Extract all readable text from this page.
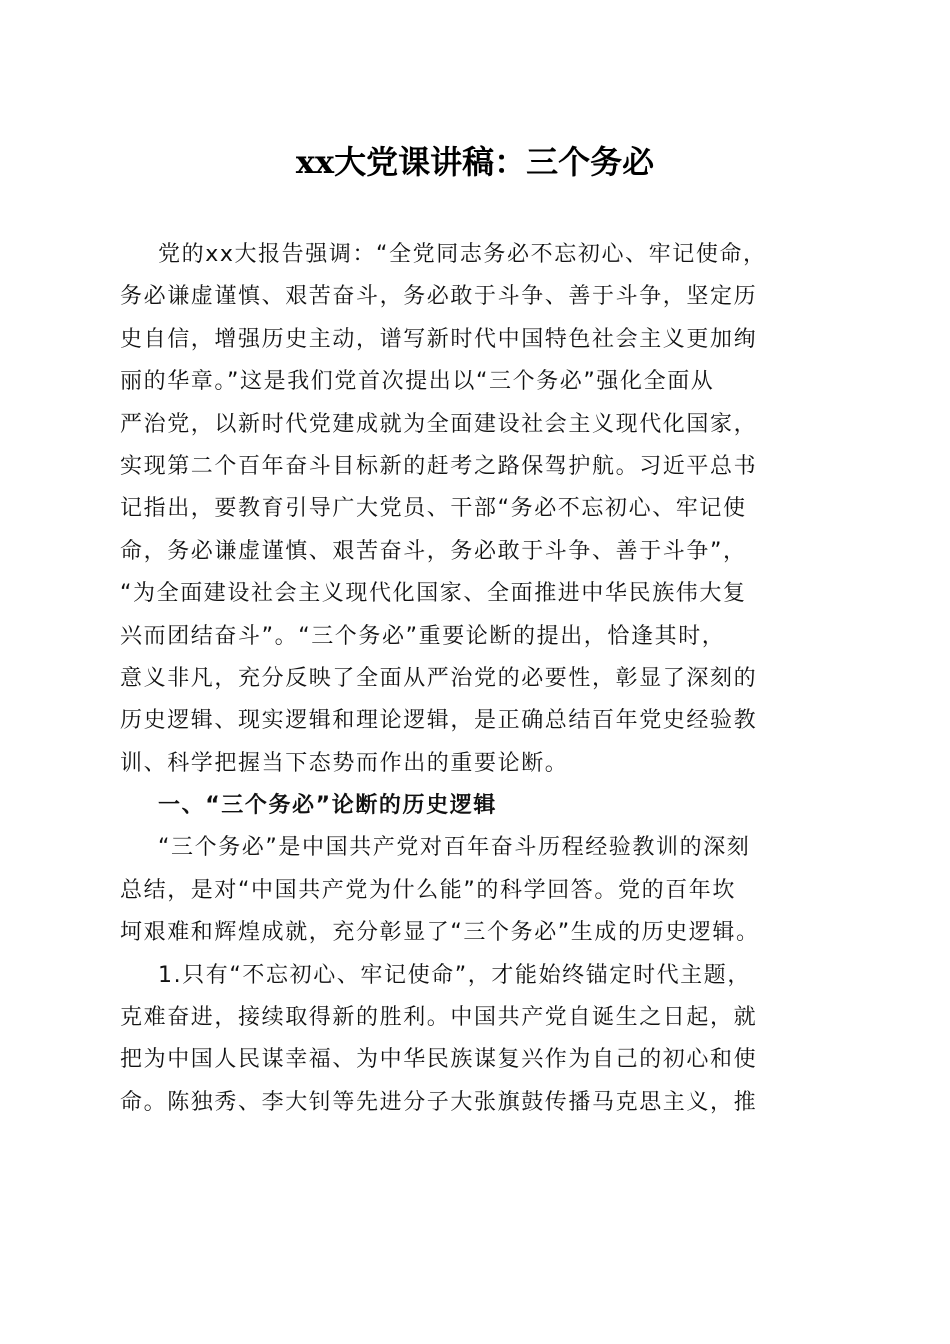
xx大党课讲稿：三个务必
党的xx大报告强调：“全党同志务必不忘初心、牢记使命，
务必谦虚谨慎、艰苦奋斗，务必敢于斗争、善于斗争，坚定历
史自信，增强历史主动，谱写新时代中国特色社会主义更加绚
丽的华章。”这是我们党首次提出以“三个务必”强化全面从
严治党，以新时代党建成就为全面建设社会主义现代化国家，
实现第二个百年奋斗目标新的赶考之路保驾护航。习近平总书
记指出，要教育引导广大党员、干部“务必不忘初心、牢记使
命，务必谦虚谨慎、艰苦奋斗，务必敢于斗争、善于斗争”，
“为全面建设社会主义现代化国家、全面推进中华民族伟大复
兴而团结奋斗”。“三个务必”重要论断的提出，恰逢其时，
意义非凡，充分反映了全面从严治党的必要性，彰显了深刻的
历史逻辑、现实逻辑和理论逻辑，是正确总结百年党史经验教
训、科学把握当下态势而作出的重要论断。
一、“三个务必”论断的历史逻辑
“三个务必”是中国共产党对百年奋斗历程经验教训的深刻
总结，是对“中国共产党为什么能”的科学回答。党的百年坎
坷艰难和辉煌成就，充分彰显了“三个务必”生成的历史逻辑。
1.只有“不忘初心、牢记使命”，才能始终锚定时代主题，
克难奋进，接续取得新的胜利。中国共产党自诞生之日起，就
把为中国人民谋幸福、为中华民族谋复兴作为自己的初心和使
命。陈独秀、李大钊等先进分子大张旗鼓传播马克思主义，推
